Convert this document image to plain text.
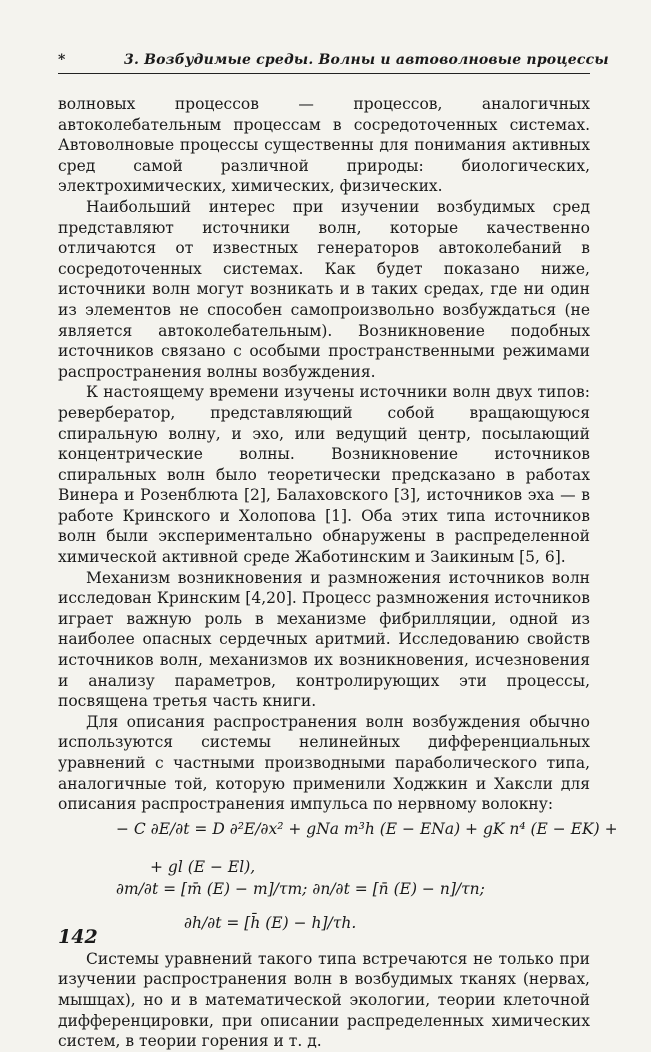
*	3. Возбудимые среды. Волны и автоволновые процессы

волновых процессов — процессов, аналогичных автоколебательным процессам в сосредоточенных системах. Автоволновые процессы существенны для понимания активных сред самой различной природы: биологических, электрохимических, химических, физических.

Наибольший интерес при изучении возбудимых сред представляют источники волн, которые качественно отличаются от известных генераторов автоколебаний в сосредоточенных системах. Как будет показано ниже, источники волн могут возникать и в таких средах, где ни один из элементов не способен самопроизвольно возбуждаться (не является автоколебательным). Возникновение подобных источников связано с особыми пространственными режимами распространения волны возбуждения.

К настоящему времени изучены источники волн двух типов: ревербератор, представляющий собой вращающуюся спиральную волну, и эхо, или ведущий центр, посылающий концентрические волны. Возникновение источников спиральных волн было теоретически предсказано в работах Винера и Розенблюта [2], Балаховского [3], источников эха — в работе Кринского и Холопова [1]. Оба этих типа источников волн были экспериментально обнаружены в распределенной химической активной среде Жаботинским и Заикиным [5, 6].

Механизм возникновения и размножения источников волн исследован Кринским [4,20]. Процесс размножения источников играет важную роль в механизме фибрилляции, одной из наиболее опасных сердечных аритмий. Исследованию свойств источников волн, механизмов их возникновения, исчезновения и анализу параметров, контролирующих эти процессы, посвящена третья часть книги.

Для описания распространения волн возбуждения обычно используются системы нелинейных дифференциальных уравнений с частными производными параболического типа, аналогичные той, которую применили Ходжкин и Хаксли для описания распространения импульса по нервному волокну:

− C ∂E/∂t = D ∂²E/∂x² + gNa m³h (E − ENa) + gK n⁴ (E − EK) +
+ gl (E − El),
∂m/∂t = [m̄ (E) − m]/τm; ∂n/∂t = [n̄ (E) − n]/τn;
∂h/∂t = [h̄ (E) − h]/τh.

Системы уравнений такого типа встречаются не только при изучении распространения волн в возбудимых тканях (нервах, мышцах), но и в математической экологии, теории клеточной дифференцировки, при описании распределенных химических систем, в теории горения и т. д.

142
